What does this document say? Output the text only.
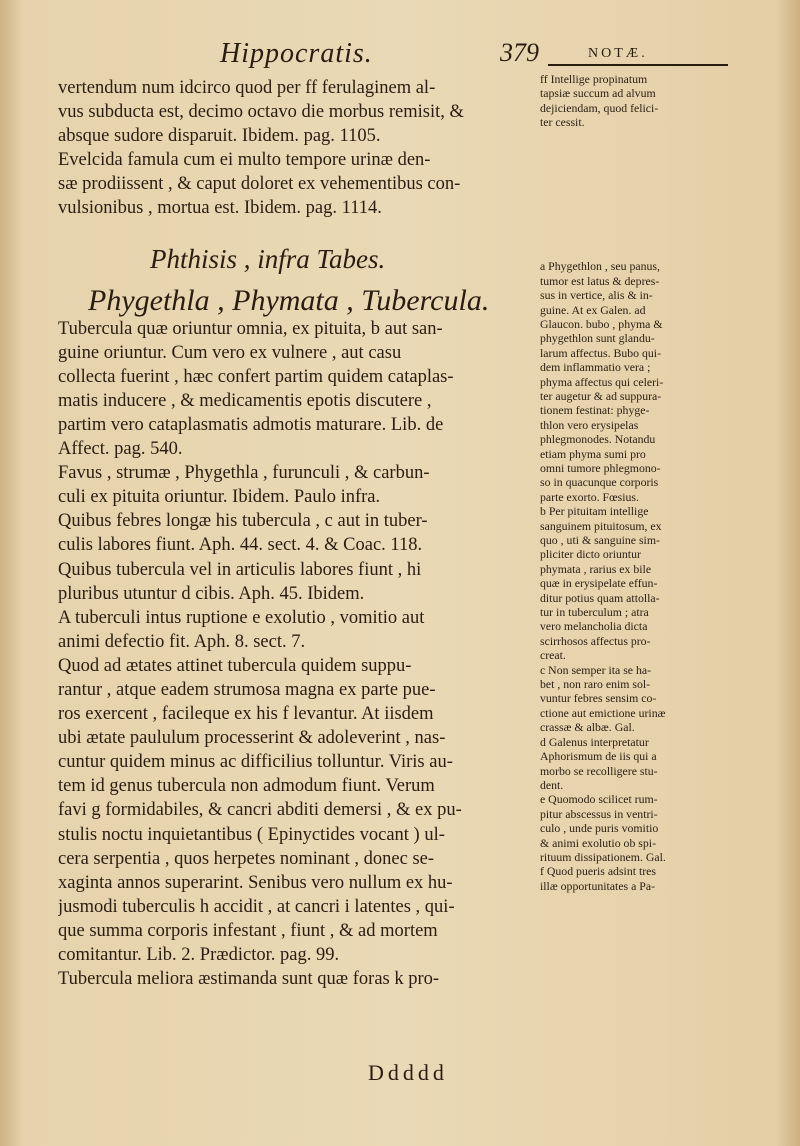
Hippocratis.	379	NOTÆ.
vertendum num idcirco quod per ff ferulaginem al-
vus subducta est, decimo octavo die morbus remisit, &
absque sudore disparuit. Ibidem. pag. 1105.
Evelcida famula cum ei multo tempore urinæ den-
sæ prodiissent , & caput doloret ex vehementibus con-
vulsionibus , mortua est. Ibidem. pag. 1114.
Tubercula quæ oriuntur omnia, ex pituita, b aut san-
guine oriuntur. Cum vero ex vulnere , aut casu
collecta fuerint , hæc confert partim quidem cataplas-
matis inducere , & medicamentis epotis discutere ,
partim vero cataplasmatis admotis maturare. Lib. de
Affect. pag. 540.
Favus , strumæ , Phygethla , furunculi , & carbun-
culi ex pituita oriuntur. Ibidem. Paulo infra.
Quibus febres longæ his tubercula , c aut in tuber-
culis labores fiunt. Aph. 44. sect. 4. & Coac. 118.
Quibus tubercula vel in articulis labores fiunt , hi
pluribus utuntur d cibis. Aph. 45. Ibidem.
A tuberculi intus ruptione e exolutio , vomitio aut
animi defectio fit. Aph. 8. sect. 7.
Quod ad ætates attinet tubercula quidem suppu-
rantur , atque eadem strumosa magna ex parte pue-
ros exercent , facileque ex his f levantur. At iisdem
ubi ætate paululum processerint & adoleverint , nas-
cuntur quidem minus ac difficilius tolluntur. Viris au-
tem id genus tubercula non admodum fiunt. Verum
favi g formidabiles, & cancri abditi demersi , & ex pu-
stulis noctu inquietantibus ( Epinyctides vocant ) ul-
cera serpentia , quos herpetes nominant , donec se-
xaginta annos superarint. Senibus vero nullum ex hu-
jusmodi tuberculis h accidit , at cancri i latentes , qui-
que summa corporis infestant , fiunt , & ad mortem
comitantur. Lib. 2. Prædictor. pag. 99.
Tubercula meliora æstimanda sunt quæ foras k pro-
Phthisis , infra Tabes.
Phygethla , Phymata , Tubercula.
ff Intellige propinatum
tapsiæ succum ad alvum
dejiciendam, quod felici-
ter cessit.

a Phygethlon , seu panus,
tumor est latus & depres-
sus in vertice, alis & in-
guine. At ex Galen. ad
Glaucon. bubo , phyma &
phygethlon sunt glandu-
larum affectus. Bubo qui-
dem inflammatio vera ;
phyma affectus qui celeri-
ter augetur & ad suppura-
tionem festinat: phyge-
thlon vero erysipelas
phlegmonodes. Notandu
etiam phyma sumi pro
omni tumore phlegmono-
so in quacunque corporis
parte exorto. Fœsius.
b Per pituitam intellige
sanguinem pituitosum, ex
quo , uti & sanguine sim-
pliciter dicto oriuntur
phymata , rarius ex bile
quæ in erysipelate effun-
ditur potius quam attolla-
tur in tuberculum ; atra
vero melancholia dicta
scirrhosos affectus pro-
creat.
c Non semper ita se ha-
bet , non raro enim sol-
vuntur febres sensim co-
ctione aut emictione urinæ
crassæ & albæ. Gal.
d Galenus interpretatur
Aphorismum de iis qui a
morbo se recolligere stu-
dent.
e Quomodo scilicet rum-
pitur abscessus in ventri-
culo , unde puris vomitio
& animi exolutio ob spi-
rituum dissipationem. Gal.
f Quod pueris adsint tres
illæ opportunitates a Pa-
Ddddd
